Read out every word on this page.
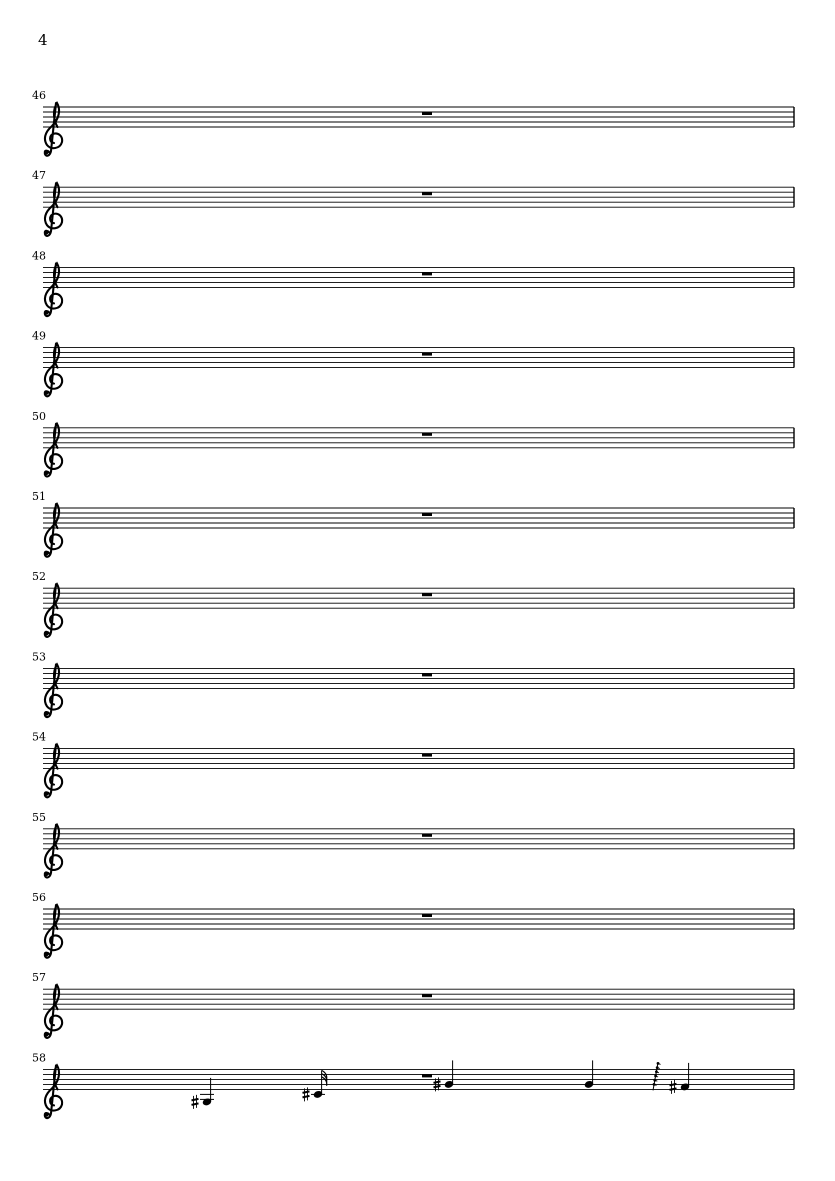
4
46
47
48
49
50
51
52
53
54
55
56
57
58
